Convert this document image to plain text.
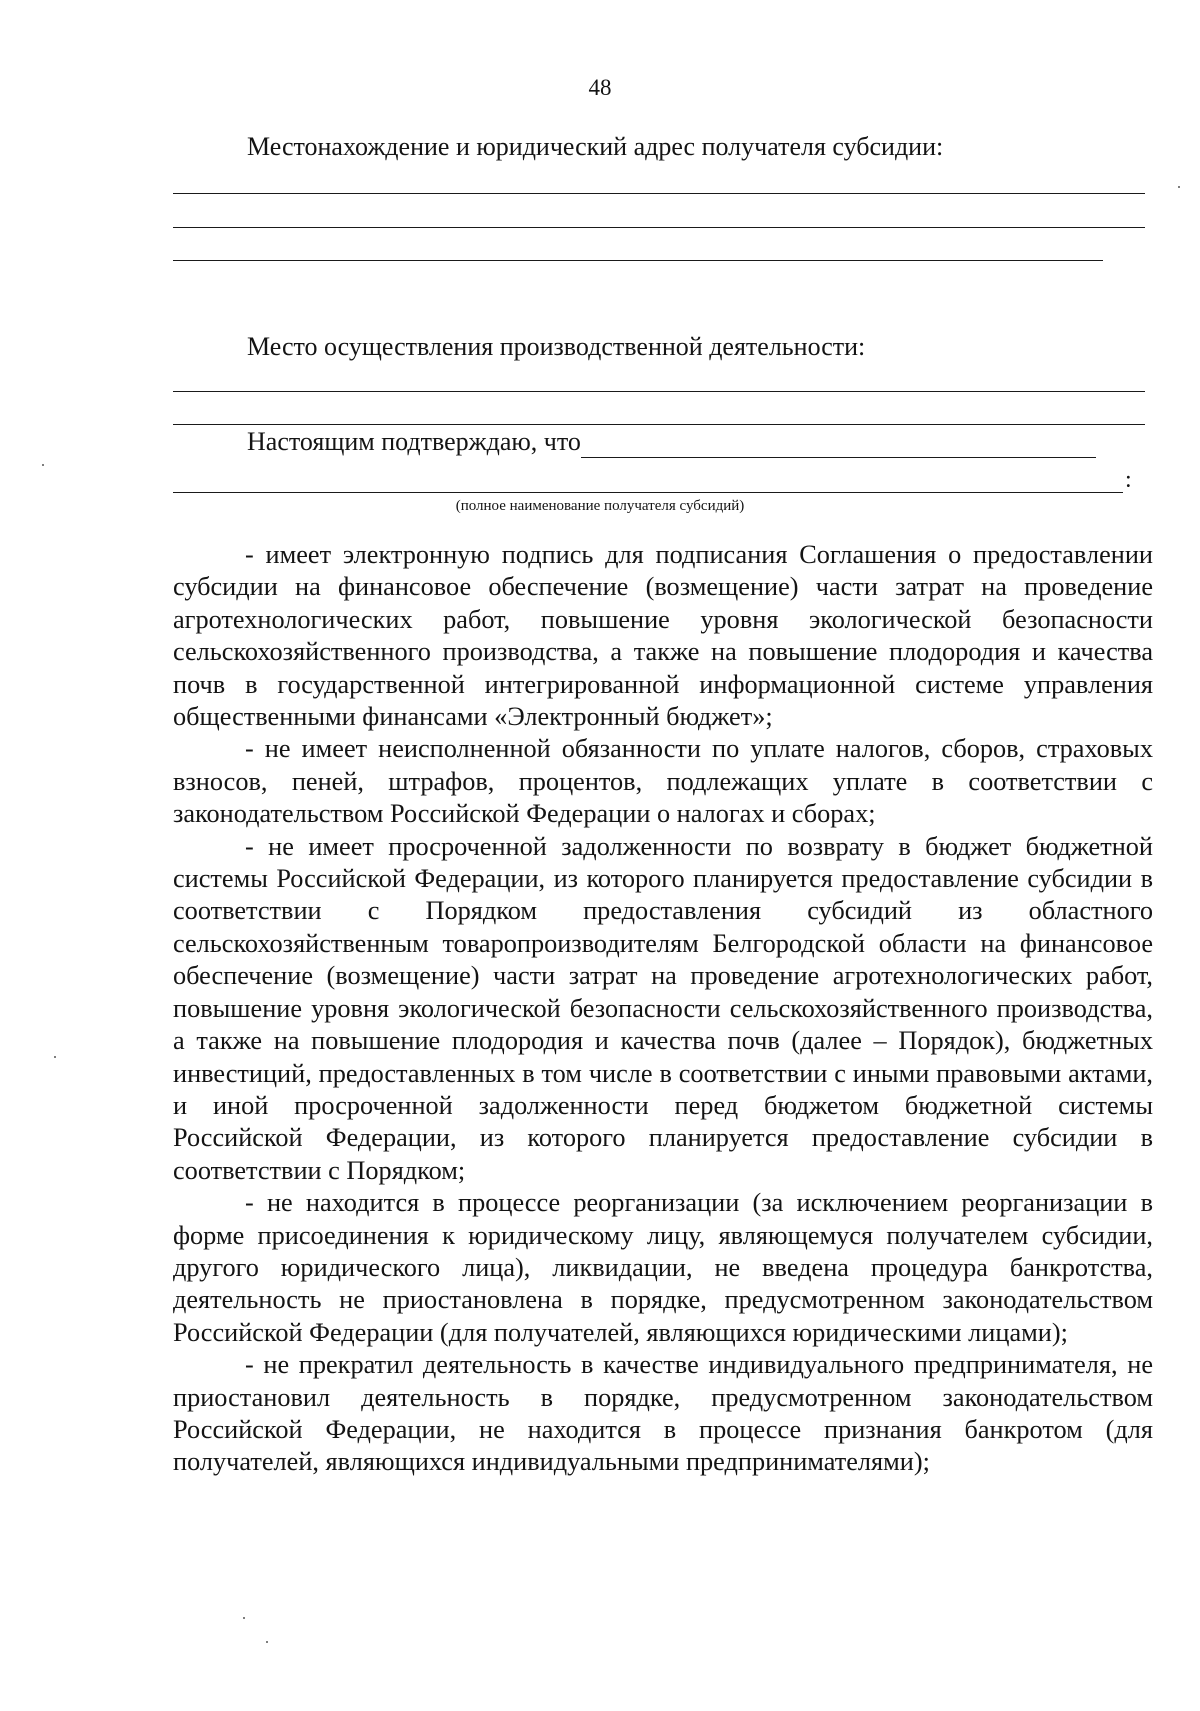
48
Местонахождение и юридический адрес получателя субсидии:
Место осуществления производственной деятельности:
Настоящим подтверждаю, что
:
(полное наименование получателя субсидий)

- имеет электронную подпись для подписания Соглашения о предоставлении субсидии на финансовое обеспечение (возмещение) части затрат на проведение агротехнологических работ, повышение уровня экологической безопасности сельскохозяйственного производства, а также на повышение плодородия и качества почв в государственной интегрированной информационной системе управления общественными финансами «Электронный бюджет»;

- не имеет неисполненной обязанности по уплате налогов, сборов, страховых взносов, пеней, штрафов, процентов, подлежащих уплате в соответствии с законодательством Российской Федерации о налогах и сборах;

- не имеет просроченной задолженности по возврату в бюджет бюджетной системы Российской Федерации, из которого планируется предоставление субсидии в соответствии с Порядком предоставления субсидий из областного сельскохозяйственным товаропроизводителям Белгородской области на финансовое обеспечение (возмещение) части затрат на проведение агротехнологических работ, повышение уровня экологической безопасности сельскохозяйственного производства, а также на повышение плодородия и качества почв (далее – Порядок), бюджетных инвестиций, предоставленных в том числе в соответствии с иными правовыми актами, и иной просроченной задолженности перед бюджетом бюджетной системы Российской Федерации, из которого планируется предоставление субсидии в соответствии с Порядком;

- не находится в процессе реорганизации (за исключением реорганизации в форме присоединения к юридическому лицу, являющемуся получателем субсидии, другого юридического лица), ликвидации, не введена процедура банкротства, деятельность не приостановлена в порядке, предусмотренном законодательством Российской Федерации (для получателей, являющихся юридическими лицами);

- не прекратил деятельность в качестве индивидуального предпринимателя, не приостановил деятельность в порядке, предусмотренном законодательством Российской Федерации, не находится в процессе признания банкротом (для получателей, являющихся индивидуальными предпринимателями);
